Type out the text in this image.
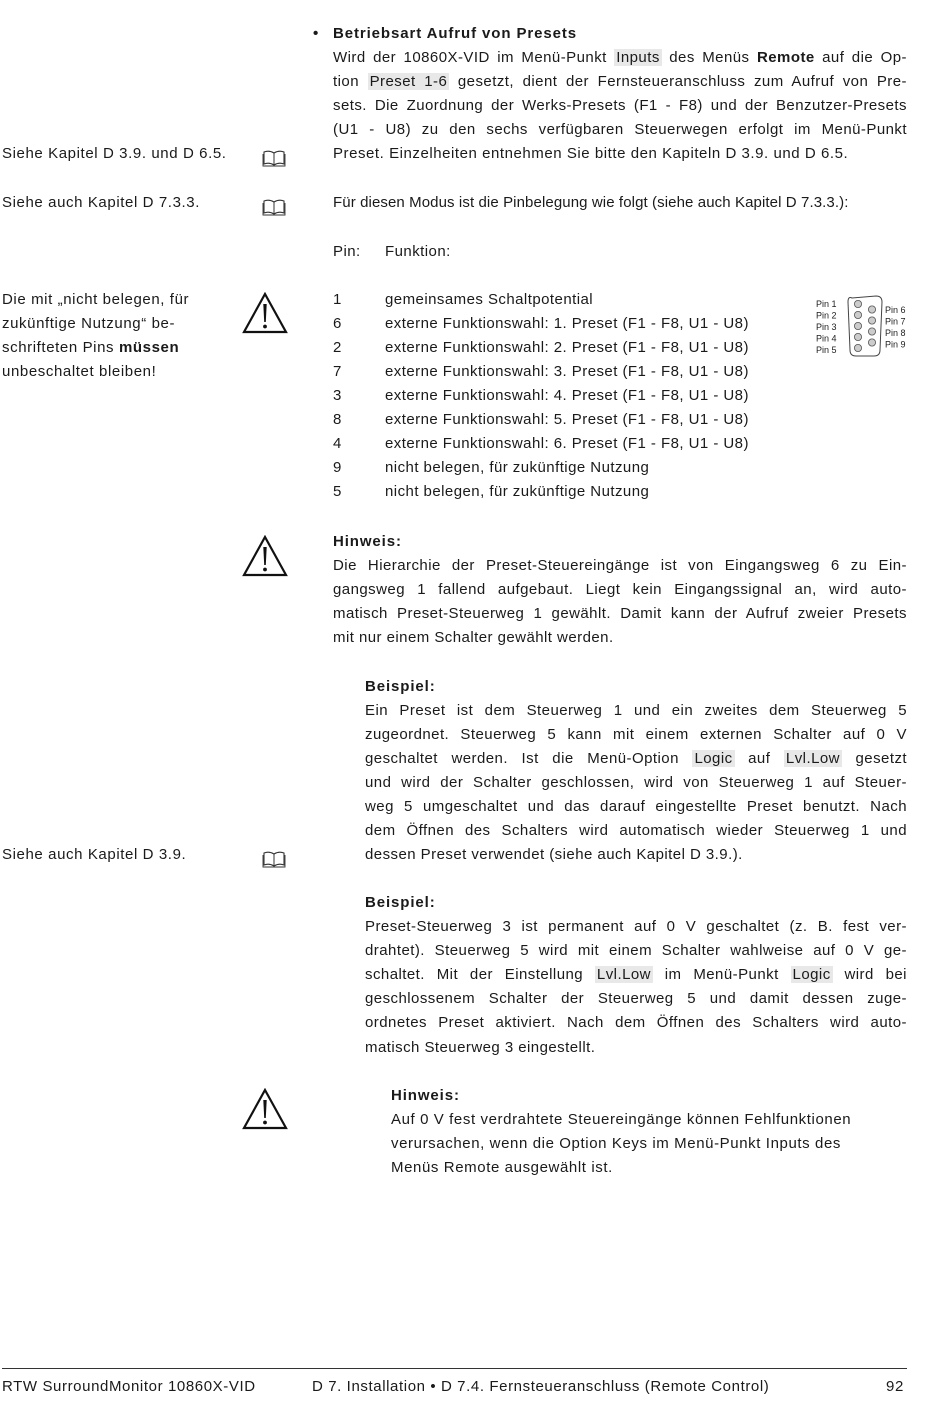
• Betriebsart Aufruf von Presets
Wird der 10860X-VID im Menü-Punkt Inputs des Menüs Remote auf die Op-
tion Preset 1-6 gesetzt, dient der Fernsteueranschluss zum Aufruf von Pre-
sets. Die Zuordnung der Werks-Presets (F1 - F8) und der Benzutzer-Presets
(U1 - U8) zu den sechs verfügbaren Steuerwegen erfolgt im Menü-Punkt
Preset. Einzelheiten entnehmen Sie bitte den Kapiteln D 3.9. und D 6.5.
Für diesen Modus ist die Pinbelegung wie folgt (siehe auch Kapitel D 7.3.3.):
Pin: Funktion:
1	gemeinsames Schaltpotential
6	externe Funktionswahl: 1. Preset (F1 - F8, U1 - U8)
2	externe Funktionswahl: 2. Preset (F1 - F8, U1 - U8)
7	externe Funktionswahl: 3. Preset (F1 - F8, U1 - U8)
3	externe Funktionswahl: 4. Preset (F1 - F8, U1 - U8)
8	externe Funktionswahl: 5. Preset (F1 - F8, U1 - U8)
4	externe Funktionswahl: 6. Preset (F1 - F8, U1 - U8)
9	nicht belegen, für zukünftige Nutzung
5	nicht belegen, für zukünftige Nutzung
Pin 1
Pin 2
Pin 3
Pin 4
Pin 5
Pin 6
Pin 7
Pin 8
Pin 9
Hinweis:
Die Hierarchie der Preset-Steuereingänge ist von Eingangsweg 6 zu Ein-
gangsweg 1 fallend aufgebaut. Liegt kein Eingangssignal an, wird auto-
matisch Preset-Steuerweg 1 gewählt. Damit kann der Aufruf zweier Presets
mit nur einem Schalter gewählt werden.
Beispiel:
Ein Preset ist dem Steuerweg 1 und ein zweites dem Steuerweg 5
zugeordnet. Steuerweg 5 kann mit einem externen Schalter auf 0 V
geschaltet werden. Ist die Menü-Option Logic auf Lvl.Low gesetzt
und wird der Schalter geschlossen, wird von Steuerweg 1 auf Steuer-
weg 5 umgeschaltet und das darauf eingestellte Preset benutzt. Nach
dem Öffnen des Schalters wird automatisch wieder Steuerweg 1 und
dessen Preset verwendet (siehe auch Kapitel D 3.9.).
Beispiel:
Preset-Steuerweg 3 ist permanent auf 0 V geschaltet (z. B. fest ver-
drahtet). Steuerweg 5 wird mit einem Schalter wahlweise auf 0 V ge-
schaltet. Mit der Einstellung Lvl.Low im Menü-Punkt Logic wird bei
geschlossenem Schalter der Steuerweg 5 und damit dessen zuge-
ordnetes Preset aktiviert. Nach dem Öffnen des Schalters wird auto-
matisch Steuerweg 3 eingestellt.
Hinweis:
Auf 0 V fest verdrahtete Steuereingänge können Fehlfunktionen
verursachen, wenn die Option Keys im Menü-Punkt Inputs des
Menüs Remote ausgewählt ist.
Siehe Kapitel D 3.9. und D 6.5.
Siehe auch Kapitel D 7.3.3.
Die mit „nicht belegen, für
zukünftige Nutzung“ be-
schrifteten Pins müssen
unbeschaltet bleiben!
Siehe auch Kapitel D 3.9.
RTW SurroundMonitor 10860X-VID	D 7. Installation • D 7.4. Fernsteueranschluss (Remote Control)	92
